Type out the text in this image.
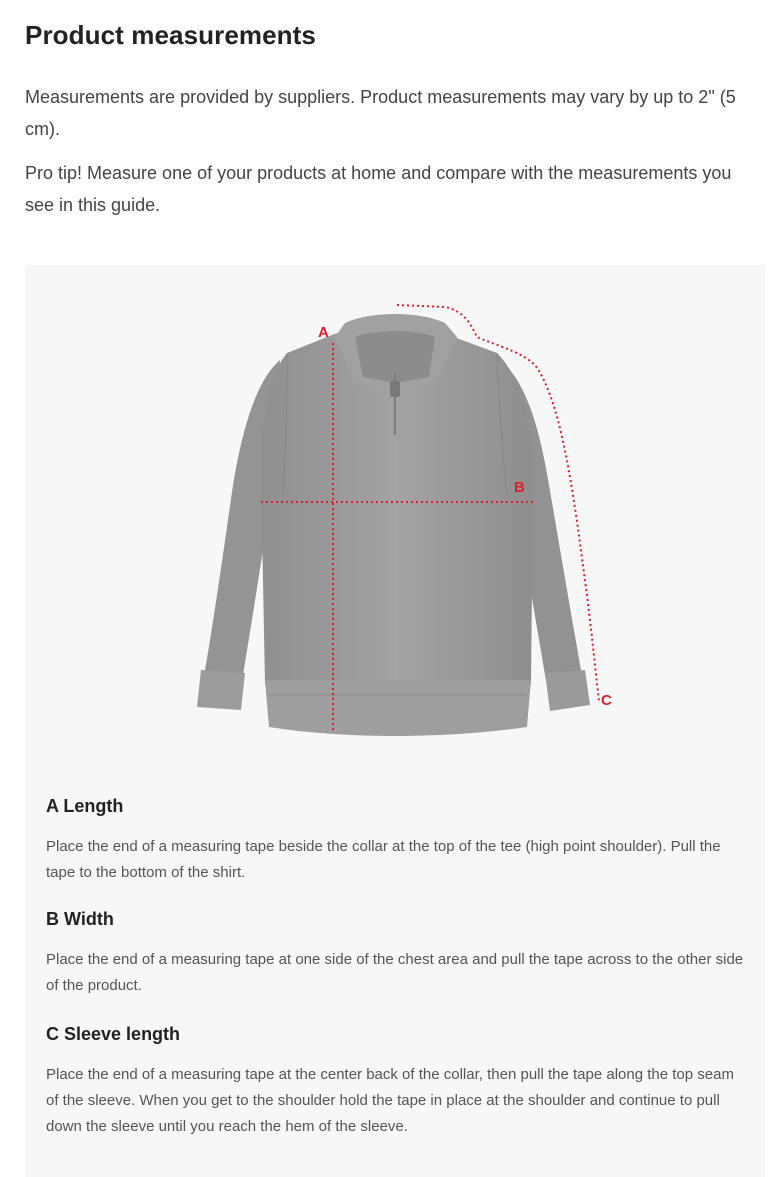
Product measurements

Measurements are provided by suppliers. Product measurements may vary by up to 2" (5 cm).

Pro tip! Measure one of your products at home and compare with the measurements you see in this guide.

A
B
C
A Length

Place the end of a measuring tape beside the collar at the top of the tee (high point shoulder). Pull the tape to the bottom of the shirt.

B Width

Place the end of a measuring tape at one side of the chest area and pull the tape across to the other side of the product.

C Sleeve length

Place the end of a measuring tape at the center back of the collar, then pull the tape along the top seam of the sleeve. When you get to the shoulder hold the tape in place at the shoulder and continue to pull down the sleeve until you reach the hem of the sleeve.
